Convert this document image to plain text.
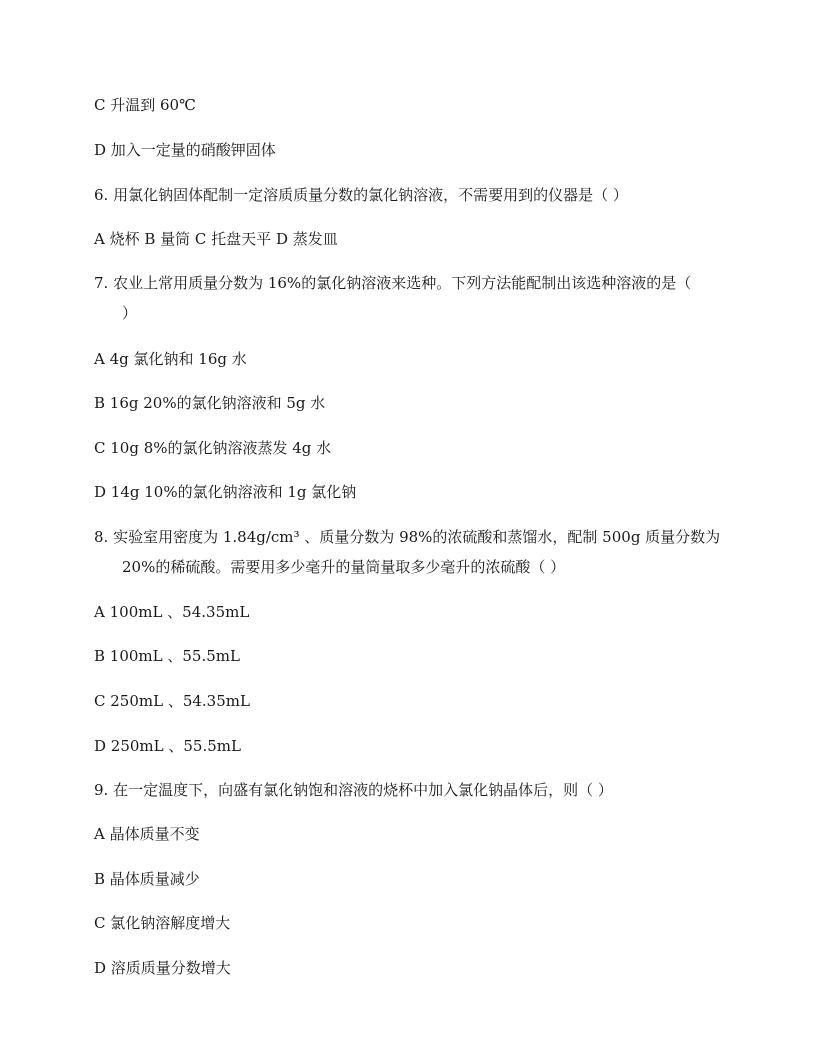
C 升温到 60℃
D 加入一定量的硝酸钾固体
6. 用氯化钠固体配制一定溶质质量分数的氯化钠溶液，不需要用到的仪器是（ ）
A 烧杯 B 量筒 C 托盘天平 D 蒸发皿
7. 农业上常用质量分数为 16%的氯化钠溶液来选种。下列方法能配制出该选种溶液的是（
）
A 4g 氯化钠和 16g 水
B 16g 20%的氯化钠溶液和 5g 水
C 10g 8%的氯化钠溶液蒸发 4g 水
D 14g 10%的氯化钠溶液和 1g 氯化钠
8. 实验室用密度为 1.84g/cm³ 、质量分数为 98%的浓硫酸和蒸馏水，配制 500g 质量分数为
20%的稀硫酸。需要用多少毫升的量筒量取多少毫升的浓硫酸（ ）
A 100mL 、54.35mL
B 100mL 、55.5mL
C 250mL 、54.35mL
D 250mL 、55.5mL
9. 在一定温度下，向盛有氯化钠饱和溶液的烧杯中加入氯化钠晶体后，则（ ）
A 晶体质量不变
B 晶体质量减少
C 氯化钠溶解度增大
D 溶质质量分数增大
